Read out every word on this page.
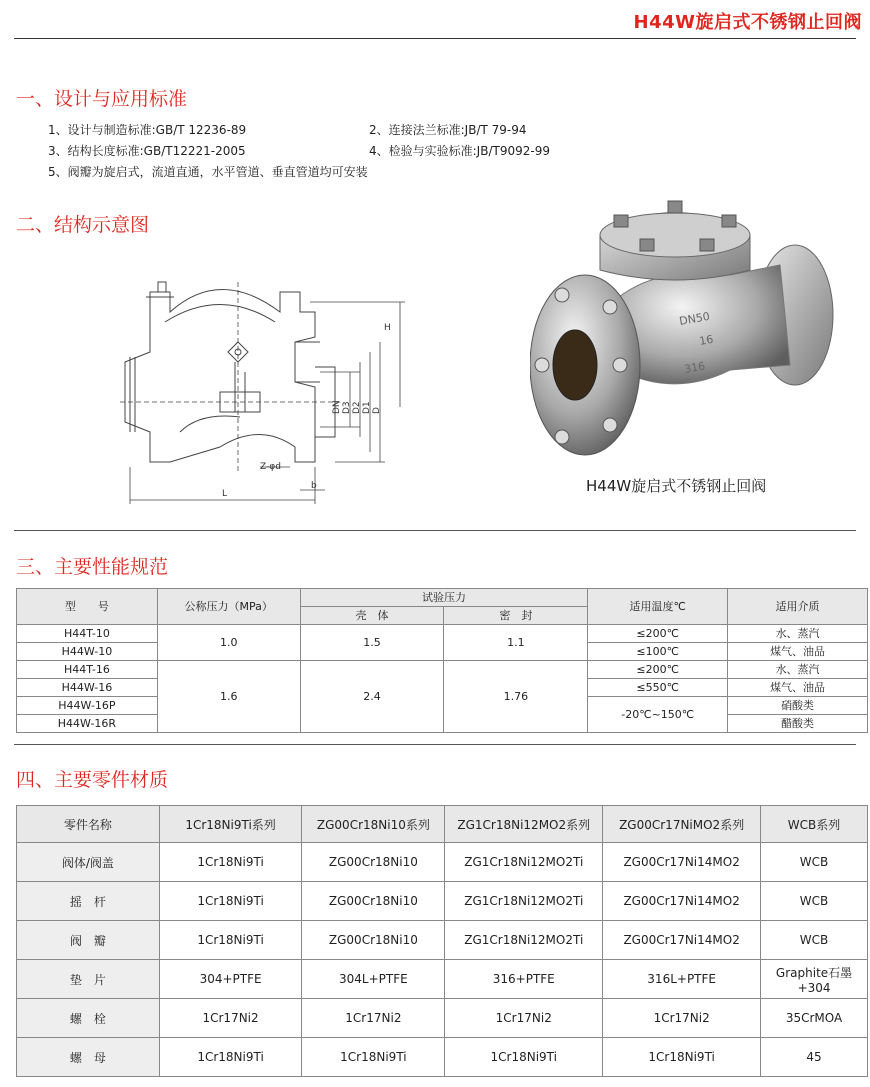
H44W旋启式不锈钢止回阀
一、设计与应用标准
1、设计与制造标准:GB/T 12236-89	2、连接法兰标准:JB/T 79-94
3、结构长度标准:GB/T12221-2005	4、检验与实验标准:JB/T9092-99
5、阀瓣为旋启式，流道直通，水平管道、垂直管道均可安装
二、结构示意图
H
DN D3 D2 D1 D
Z-φd
b
L
DN50
16
316
H44W旋启式不锈钢止回阀
三、主要性能规范
型　　号	公称压力（MPa）	试验压力		适用温度℃	适用介质
		壳　体	密　封		
H44T-10	1.0	1.5	1.1	≤200℃	水、蒸汽
H44W-10				≤100℃	煤气、油品
H44T-16	1.6	2.4	1.76	≤200℃	水、蒸汽
H44W-16				≤550℃	煤气、油品
H44W-16P				-20℃~150℃	硝酸类
H44W-16R					醋酸类
四、主要零件材质
零件名称	1Cr18Ni9Ti系列	ZG00Cr18Ni10系列	ZG1Cr18Ni12MO2系列	ZG00Cr17NiMO2系列	WCB系列
阀体/阀盖	1Cr18Ni9Ti	ZG00Cr18Ni10	ZG1Cr18Ni12MO2Ti	ZG00Cr17Ni14MO2	WCB
摇　杆	1Cr18Ni9Ti	ZG00Cr18Ni10	ZG1Cr18Ni12MO2Ti	ZG00Cr17Ni14MO2	WCB
阀　瓣	1Cr18Ni9Ti	ZG00Cr18Ni10	ZG1Cr18Ni12MO2Ti	ZG00Cr17Ni14MO2	WCB
垫　片	304+PTFE	304L+PTFE	316+PTFE	316L+PTFE	Graphite石墨+304
螺　栓	1Cr17Ni2	1Cr17Ni2	1Cr17Ni2	1Cr17Ni2	35CrMOA
螺　母	1Cr18Ni9Ti	1Cr18Ni9Ti	1Cr18Ni9Ti	1Cr18Ni9Ti	45
